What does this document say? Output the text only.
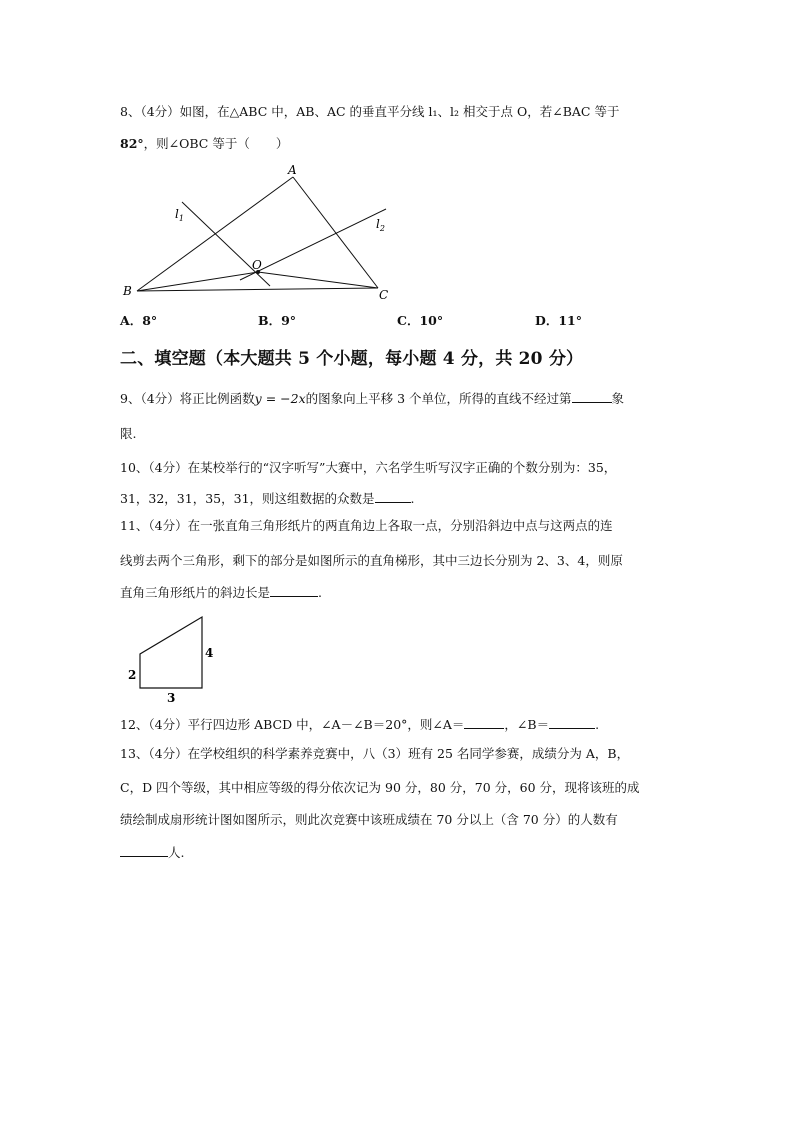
8、（4分）如图，在△ABC 中，AB、AC 的垂直平分线 l₁、l₂ 相交于点 O，若∠BAC 等于
82°，则∠OBC 等于（ ）
A
B	C
O
$l_1$	$l_2$
A．8°	B．9°	C．10°	D．11°
二、填空题（本大题共 5 个小题，每小题 4 分，共 20 分）
9、（4分）将正比例函数y = −2x的图象向上平移 3 个单位，所得的直线不经过第	象
限.
10、（4分）在某校举行的“汉字听写”大赛中，六名学生听写汉字正确的个数分别为：35，
31，32，31，35，31，则这组数据的众数是	.
11、（4分）在一张直角三角形纸片的两直角边上各取一点，分别沿斜边中点与这两点的连
线剪去两个三角形，剩下的部分是如图所示的直角梯形，其中三边长分别为 2、3、4，则原
直角三角形纸片的斜边长是	.
2
4
3
12、（4分）平行四边形 ABCD 中，∠A－∠B＝20°，则∠A＝	，∠B＝	.
13、（4分）在学校组织的科学素养竞赛中，八（3）班有 25 名同学参赛，成绩分为 A，B，
C，D 四个等级，其中相应等级的得分依次记为 90 分，80 分，70 分，60 分，现将该班的成
绩绘制成扇形统计图如图所示，则此次竞赛中该班成绩在 70 分以上（含 70 分）的人数有
人.
